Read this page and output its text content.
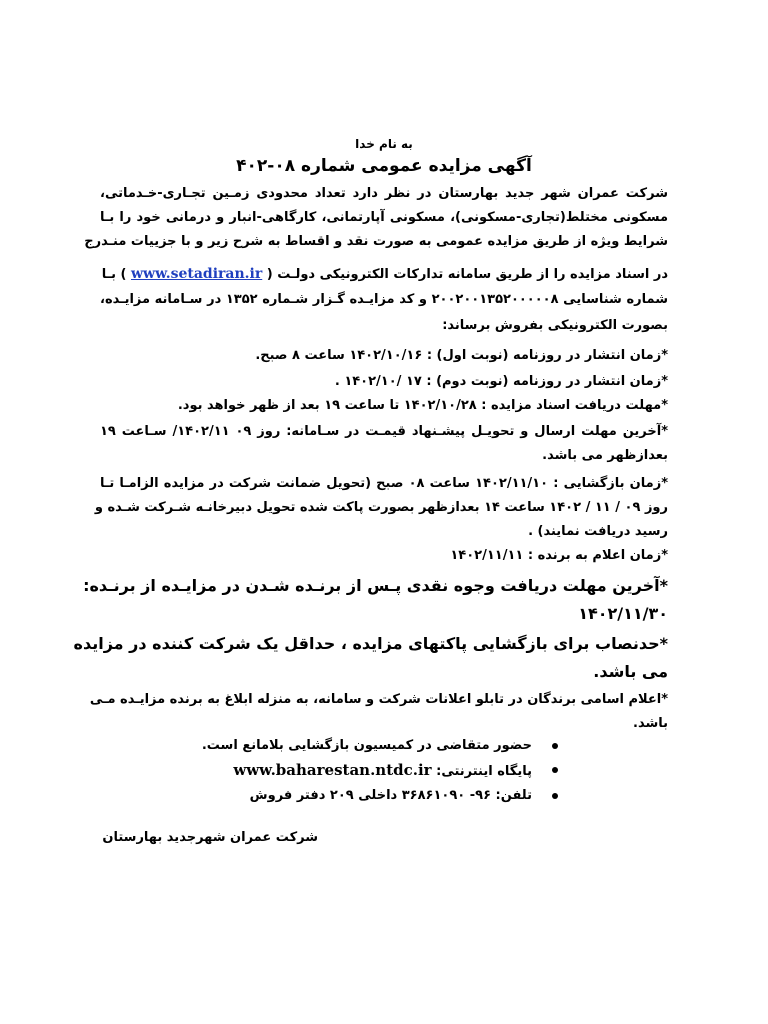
به نام خدا
آگهی مزایده عمومی شماره ۰۸-۴۰۲
شرکت عمران شهر جدید بهارستان در نظر دارد تعداد محدودی زمـین تجـاری-خـدماتی،
مسکونی مختلط(تجاری-مسکونی)، مسکونی آپارتمانی، کارگاهی-انبار و درمانی خود را بـا
شرایط ویژه از طریق مزایده عمومی به صورت نقد و اقساط به شرح زیر و با جزییات منـدرج
در اسناد مزایده را از طریق سامانه تدارکات الکترونیکی دولـت ( www.setadiran.ir ) بـا
شماره شناسایی ۲۰۰۲۰۰۱۳۵۲۰۰۰۰۰۸ و کد مزایـده گـزار شـماره ۱۳۵۲ در سـامانه مزایـده،
بصورت الکترونیکی بفروش برساند:
*زمان انتشار در روزنامه (نوبت اول) : ۱۴۰۲/۱۰/۱۶ ساعت ۸ صبح.
*زمان انتشار در روزنامه (نوبت دوم) : ۱۷ /۱۴۰۲/۱۰ .
*مهلت دریافت اسناد مزایده : ۱۴۰۲/۱۰/۲۸ تا ساعت ۱۹ بعد از ظهر خواهد بود.
*آخرین مهلت ارسال و تحویـل پیشـنهاد قیمـت در سـامانه: روز ۰۹ ۱۴۰۲/۱۱/ سـاعت ۱۹
بعدازظهر می باشد.
*زمان بازگشایی : ۱۴۰۲/۱۱/۱۰ ساعت ۰۸ صبح (تحویل ضمانت شرکت در مزایده الزامـا تـا
روز ۰۹ / ۱۱ / ۱۴۰۲ ساعت ۱۴ بعدازظهر بصورت پاکت شده تحویل دبیرخانـه شـرکت شـده و
رسید دریافت نمایند) .
*زمان اعلام به برنده : ۱۴۰۲/۱۱/۱۱
*آخرین مهلت دریافت وجوه نقدی پـس از برنـده شـدن در مزایـده از برنـده:
۱۴۰۲/۱۱/۳۰
*حدنصاب برای بازگشایی پاکتهای مزایده ، حداقل یک شرکت کننده در مزایده
می باشد.
*اعلام اسامی برندگان در تابلو اعلانات شرکت و سامانه، به منزله ابلاغ به برنده مزایـده مـی
باشد.
حضور متقاضی در کمیسیون بازگشایی بلامانع است.
پایگاه اینترنتی: www.baharestan.ntdc.ir
تلفن: ۹۶- ۳۶۸۶۱۰۹۰ داخلی ۲۰۹ دفتر فروش
شرکت عمران شهرجدید بهارستان
